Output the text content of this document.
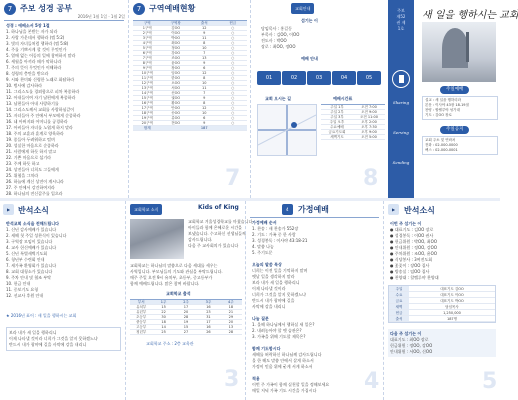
7 주보 성경 공부
2016년 1월 1일 · 1월 2일
성경 : 에베소서 5장 1절
1. 하나님을 본받는 자가 되라
2. 사랑 가운데서 행하라 (엡 5:2)
3. 빛의 자녀들처럼 행하라 (엡 5:8)
4. 주를 기쁘시게 할 것이 무엇인가
5. 열매 없는 어둠의 일에 참여하지 말라
6. 세월을 아끼라 때가 악하니라
7. 주의 뜻이 무엇인가 이해하라
8. 성령의 충만을 받으라
9. 시와 찬미와 신령한 노래로 화답하라
10. 범사에 감사하라
11. 그리스도를 경외함으로 피차 복종하라
12. 아내들이여 자기 남편에게 복종하라
13. 남편들아 아내 사랑하기를
14. 그리스도께서 교회를 사랑하심같이
15. 자녀들아 주 안에서 부모에게 순종하라
16. 네 아버지와 어머니를 공경하라
17. 아비들아 자녀를 노엽게 하지 말라
18. 주의 교훈과 훈계로 양육하라
19. 종들아 두려워하고 떨며
20. 성실한 마음으로 순종하라
21. 사람에게 하듯 하지 말고
22. 기쁜 마음으로 섬기라
23. 주께 하듯 하고
24. 상전들아 너희도 그들에게
25. 위협을 그치라
26. 하늘에 계신 상전이 계시니라
27. 주 안에서 강건하여지라
28. 하나님의 전신갑주를 입으라
7 구역예배현황
구역	구역장	출석	헌금
1구역	김OO	12	○
2구역	이OO	9	○
3구역	박OO	11	○
4구역	최OO	8	○
5구역	정OO	10	○
6구역	강OO	7	○
7구역	조OO	13	○
8구역	윤OO	9	○
9구역	장OO	6	○
10구역	임OO	12	○
11구역	한OO	8	○
12구역	오OO	10	○
13구역	서OO	11	○
14구역	신OO	7	○
15구역	권OO	9	○
16구역	황OO	8	○
17구역	안OO	12	○
18구역	송OO	10	○
19구역	류OO	6	○
20구역	전OO	9	○
합계	187
7
교회안내
섬기는 이
담임목사 : 홍길동
부목사 : 김OO, 이OO
전도사 : 박OO
장로 : 최OO, 정OO
예배 안내
01	02	03	04	05
교회 오시는 길	예배시간표
주일 1부	오전 7:00
주일 2부	오전 9:00
주일 3부	오전 11:00
주일 오후	오후 2:00
수요예배	오후 7:30
금요기도회	오후 9:00
새벽기도	오전 5:00
8
주보 제52권 제1호
Sharing
Serving
Sending
새 일을 행하시는 교회
주일예배
설교 : 새 일을 행하리라
본문 : 이사야 43장 18-19절
찬양 : 할렐루야 성가대
기도 : 김OO 장로
주일공지
교회 주소 및 연락처
전화 : 02-000-0000
팩스 : 02-000-0001
▶ 반석소식
반석교회 소식을 전해드립니다
1. 신년 감사예배가 있습니다
2. 새해 첫 주일 성찬식이 있습니다
3. 구역장 모임이 있습니다
4. 교사 헌신예배가 있습니다
5. 신년 특별새벽기도회
6. 청년부 수련회 안내
7. 새가족 환영회가 있습니다
8. 교회 대청소가 있습니다
9. 주차 안내 및 협조 부탁
10. 헌금 안내
11. 중보기도 요청
12. 선교사 후원 안내
★ 2016년 표어 : 새 일을 행하시는 교회
보라 내가 새 일을 행하리니
이제 나타낼 것이라 너희가 그것을 알지 못하겠느냐
반드시 내가 광야에 길을 사막에 강을 내리니
교회학교 소식	Kids of King
교회학교 겨울성경학교를 마쳤습니다
아이들과 함께 은혜로운 시간을
보냈습니다. 수고하신 선생님들께
감사드립니다.
다음 주 교사회의가 있습니다
교회학교는 하나님의 말씀으로 다음 세대를 세우는
사역입니다. 부모님들의 기도와 관심을 부탁드립니다.
매주 주일 오전 9시 유치부, 초등부, 중고등부가
함께 예배드립니다. 많은 참여 바랍니다.
교회학교 출석
부서	1주	2주	3주	4주
유치부	15	17	16	18
유년부	22	20	23	21
초등부	30	28	31	29
중등부	18	19	17	20
고등부	14	15	16	13
청년부	25	27	26	28
교회학교 주소 : 2층 교육관
3
4	가정예배
가정예배 순서
1. 찬송 : 새 찬송가 552장
2. 기도 : 가족 중 한 사람
3. 성경봉독 : 이사야 43:18-21
4. 말씀 나눔
5. 주기도문
오늘의 말씀 묵상
너희는 이전 일을 기억하지 말며
옛날 일을 생각하지 말라
보라 내가 새 일을 행하리니
이제 나타낼 것이라
너희가 그것을 알지 못하겠느냐
반드시 내가 광야에 길을
사막에 강을 내리니
나눔 질문
1. 올해 하나님께서 행하실 새 일은?
2. 내려놓아야 할 옛 습관은?
3. 가족을 위해 기도할 제목은?
함께 기도합시다
새해를 허락하신 하나님께 감사드립니다
올 한 해도 말씀 안에서 살게 하소서
가정이 믿음 위에 굳게 서게 하소서
적용
이번 주 가족이 함께 실천할 일을 정해보세요
매일 저녁 가족 기도 시간을 가집시다	4
▶	반석소식
이번 주 섬기는 이
● 대표기도 : 김OO 장로
● 성경봉독 : 이OO 권사
● 헌금위원 : 박OO, 최OO
● 안내위원 : 정OO, 강OO
● 주차위원 : 조OO, 윤OO
● 식당봉사 : 3여전도회
● 꽃꽂이 : 장OO 집사
● 방송실 : 임OO 집사
● 찬양대 : 할렐루야 찬양대
주일	대표기도 김OO
수요	대표기도 이OO
금요	대표기도 박OO
새벽	담임목사
헌금	1,250,000
출석	187명
다음 주 섬기는 이
대표기도 : 최OO 장로
헌금위원 : 정OO, 강OO
안내위원 : 서OO, 신OO
5
